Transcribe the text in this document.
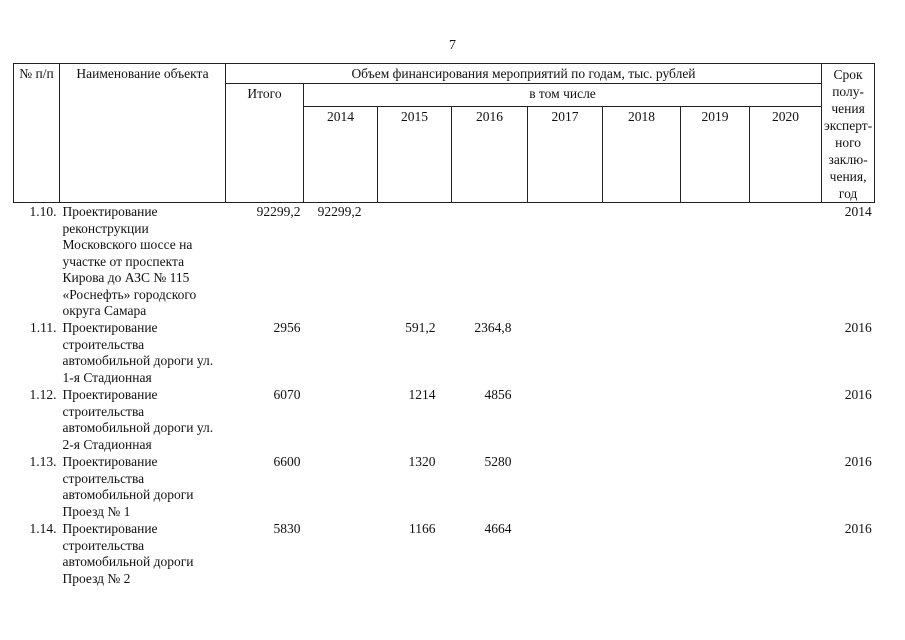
7
№ п/п	Наименование объекта	Объем финансирования мероприятий по годам, тыс. рублей								Срок полу-чения эксперт-ного заклю-чения, год
		Итого	в том числе							
			2014	2015	2016	2017	2018	2019	2020	
1.10.	Проектирование реконструкции Московского шоссе на участке от проспекта Кирова до АЗС № 115 «Роснефть» городского округа Самара	92299,2	92299,2							2014
1.11.	Проектирование строительства автомобильной дороги ул. 1-я Стадионная	2956		591,2	2364,8					2016
1.12.	Проектирование строительства автомобильной дороги ул. 2-я Стадионная	6070		1214	4856					2016
1.13.	Проектирование строительства автомобильной дороги Проезд № 1	6600		1320	5280					2016
1.14.	Проектирование строительства автомобильной дороги Проезд № 2	5830		1166	4664					2016
